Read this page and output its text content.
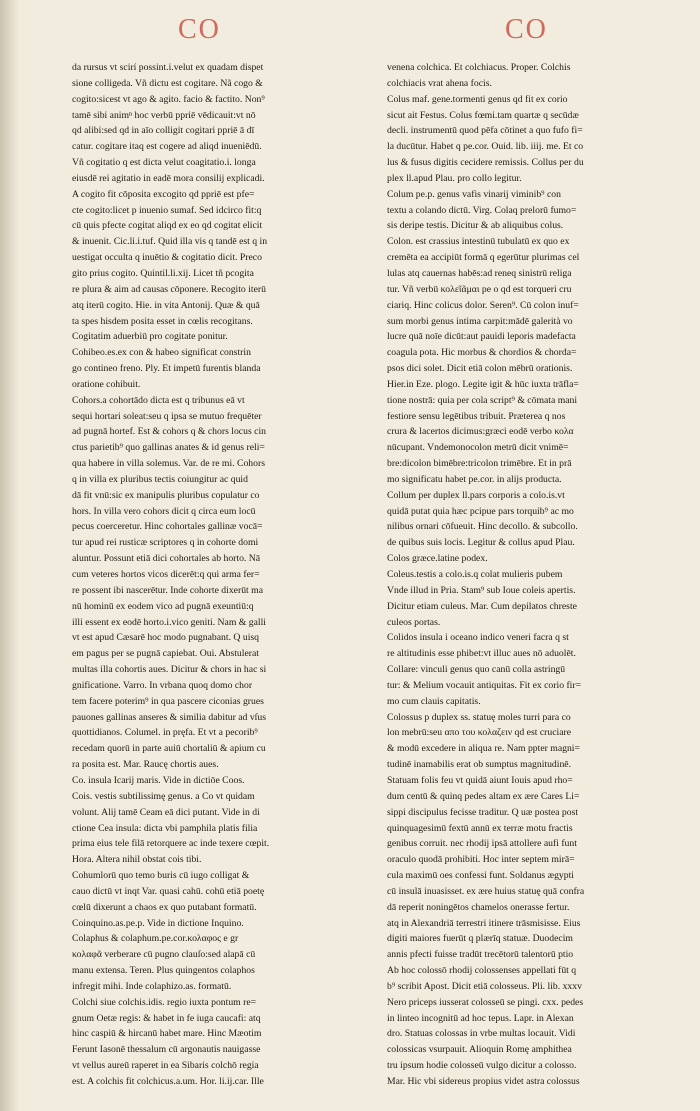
CO	CO
da rursus vt scirí possint.i.velut ex quadam dispet
sione colligeda. Vñ dictu est cogitare. Nã cogo &
cogito:sicest vt ago & agito. facio & factito. Non⁹
tamē sibi animⁿ hoc verbū ppriē vēdicauit:vt nō
qd alibi:sed qd in aīo colligit cogitari ppriē ā dī
catur. cogitare itaq est cogere ad aliqd inueniēdū.
Vñ cogitatio q est dicta velut coagitatio.i. longa
eiusdē rei agitatio in eadē mora consilij explicadi.
A cogito fit cōposita excogito qd ppriē est pfe=
cte cogito:licet p inuenio sumaf. Sed idcirco fit:q
cū quis pfecte cogitat aliqd ex eo qd cogitat elicit
& inuenit. Cic.li.i.tuf. Quid illa vis q tandē est q in
uestigat occulta q inuētio & cogitatio dicit. Preco
gito prius cogito. Quintil.li.xij. Licet tñ pcogita
re plura & aim ad causas cōponere. Recogito iterū
atq iterū cogito. Hie. in vita Antonij. Quæ & quā
ta spes hisdem posita esset in cœlis recogitans.
Cogitatim aduerbiū pro cogitate ponitur.
Cohibeo.es.ex con & habeo significat constrin
go contineo freno. Ply. Et impetū furentis blanda
oratione cohibuit.
Cohors.a cohortādo dicta est q tribunus eā vt
sequi hortari soleat:seu q ipsa se mutuo frequēter
ad pugnā hortef. Est & cohors q & chors locus cin
ctus parietib⁹ quo gallinas anates & id genus reli=
qua habere in villa solemus. Var. de re mi. Cohors
q in villa ex pluribus tectis coiungitur ac quid
dā fit vnū:sic ex manipulis pluribus copulatur co
hors. In villa vero cohors dicit q circa eum locū
pecus coerceretur. Hinc cohortales gallinæ vocā=
tur apud rei rusticæ scriptores q in cohorte domi
aluntur. Possunt etiā dici cohortales ab horto. Nā
cum veteres hortos vicos dicerēt:q qui arma fer=
re possent ibi nascerētur. Inde cohorte dixerūt ma
nū hominū ex eodem vico ad pugnā exeuntiū:q
illi essent ex eodē horto.i.vico geniti. Nam & galli
vt est apud Cæsarē hoc modo pugnabant. Q uisq
em pagus per se pugnā capiebat. Oui. Abstulerat
multas illa cohortis aues. Dicitur & chors in hac si
gnificatione. Varro. In vrbana quoq domo chor
tem facere poterim⁹ in qua pascere ciconias grues
pauones gallinas anseres & similia dabitur ad vſus
quottidianos. Columel. in pręfa. Et vt a pecorib⁹
recedam quorū in parte auiū chortaliū & apium cu
ra posita est. Mar. Raucę chortis aues.
Co. insula Icarij maris. Vide in dictiōe Coos.
Cois. vestis subtilissimę genus. a Co vt quidam
volunt. Alij tamē Ceam eā dici putant. Vide in di
ctione Cea insula: dicta vbi pamphila platis filia
prima eius tele filā retorquere ac inde texere cœpit.
Hora. Altera nihil obstat cois tibi.
Cohumlorū quo temo buris cū iugo colligat &
cauo dictū vt inqt Var. quasi cahū. cohū etiā poetę
cœlū dixerunt a chaos ex quo putabant formatū.
Coinquino.as.pe.p. Vide in dictione Inquino.
Colaphus & colaphum.pe.cor.κολαφος e gr
κολαφᾶ verberare cū pugno clauſo:sed alapā cū
manu extensa. Teren. Plus quingentos colaphos
infregit mihi. Inde colaphizo.as. formatū.
Colchi siue colchis.idis. regio iuxta pontum re=
gnum Oetæ regis: & habet in fe iuga caucafi: atq
hinc caspiū & hircanū habet mare. Hinc Mæotim
Ferunt Iasonē thessalum cū argonautis nauigasse
vt vellus aureū raperet in ea Sibaris colchō regia
est. A colchis fit colchicus.a.um. Hor. li.ij.car. Ille
venena colchica. Et colchiacus. Proper. Colchis
colchiacis vrat ahena focis.
Colus maf. gene.tormenti genus qd fit ex corio
sicut ait Festus. Colus fœmi.tam quartæ q secūdæ
decli. instrumentū quod pēfa cōtinet a quo fufo fi=
la ducūtur. Habet q pe.cor. Ouid. lib. iiij. me. Et co
lus & fusus digitis cecidere remissis. Collus per du
plex ll.apud Plau. pro collo legitur.
Colum pe.p. genus vafis vinarij viminib⁹ con
textu a colando dictū. Virg. Colaq prelorū fumo=
sis deripe testis. Dicitur & ab aliquibus colus.
Colon. est crassius intestinū tubulatū ex quo ex
cremēta ea accipiūt formā q egerūtur plurimas cel
lulas atq cauernas habēs:ad reneq sinistrū religa
tur. Vñ verbū κολεῖᾶμαι pe o qd est torqueri cru
ciariq. Hinc colicus dolor. Seren⁹. Cū colon inuf=
sum morbi genus intima carpit:mādē galerità vo
lucre quā noīe dicūt:aut pauidi leporis madefacta
coagula pota. Hic morbus & chordios & chorda=
psos dici solet. Dicit etiā colon mēbrū orationis.
Hier.in Eze. plogo. Legite igit & hūc iuxta trāfla=
tione nostrā: quia per cola script⁹ & cōmata mani
festiore sensu legētibus tribuit. Præterea q nos
crura & lacertos dicimus:græci eodē verbo κολα
nūcupant. Vndemonocolon metrū dicit vnimē=
bre:dicolon bimēbre:tricolon trimēbre. Et in prā
mo significatu habet pe.cor. in alijs producta.
Collum per duplex ll.pars corporis a colo.is.vt
quidā putat quia hæc pcipue pars torquib⁹ ac mo
nilibus ornari cōfueuit. Hinc decollo. & subcollo.
de quibus suis locis. Legitur & collus apud Plau.
Colos græce.latine podex.
Coleus.testis a colo.is.q colat mulieris pubem
Vnde illud in Pria. Stam⁹ sub Ioue coleis apertis.
Dicitur etiam culeus. Mar. Cum depilatos chreste
culeos portas.
Colidos insula i oceano indico veneri facra q st
re altitudinis esse phibet:vt illuc aues nō aduolēt.
Collare: vinculi genus quo canū colla astringū
tur: & Melium vocauit antiquitas. Fit ex corio fir=
mo cum clauis capitatis.
Colossus p duplex ss. statuę moles turri para co
lon mebrū:seu απο του κολαζειν qd est cruciare
& modū excedere in aliqua re. Nam ppter magni=
tudinē inamabilis erat ob sumptus magnitudinē.
Statuam folis feu vt quidā aiunt Iouis apud rho=
dum centū & quinq pedes altam ex ære Cares Li=
sippi discipulus fecisse traditur. Q uæ postea post
quinquagesimū fextū annū ex terræ motu fractis
genibus corruit. nec rhodij ipsā attollere aufi funt
oraculo quodā prohibiti. Hoc inter septem mirā=
cula maximū oes confessi funt. Soldanus ægypti
cū insulā inuasisset. ex ære huius statuę quā confra
dā reperit noningētos chamelos onerasse fertur.
atq in Alexandriā terrestri itinere trāsmisisse. Eius
digiti maiores fuerūt q plærīq statuæ. Duodecim
annis pfecti fuisse tradūt trecētorū talentorū ptio
Ab hoc colossō rhodij colossenses appellati fūt q
b⁹ scribit Apost. Dicit etiā colosseus. Pli. lib. xxxv
Nero priceps iusserat colosseū se pingi. cxx. pedes
in linteo incognitū ad hoc tepus. Lapr. in Alexan
dro. Statuas colossas in vrbe multas locauit. Vidi
colossicas vsurpauit. Alioquin Romę amphithea
tru ipsum hodie colosseū vulgo dicitur a colosso.
Mar. Hic vbi sidereus propius videt astra colossus
